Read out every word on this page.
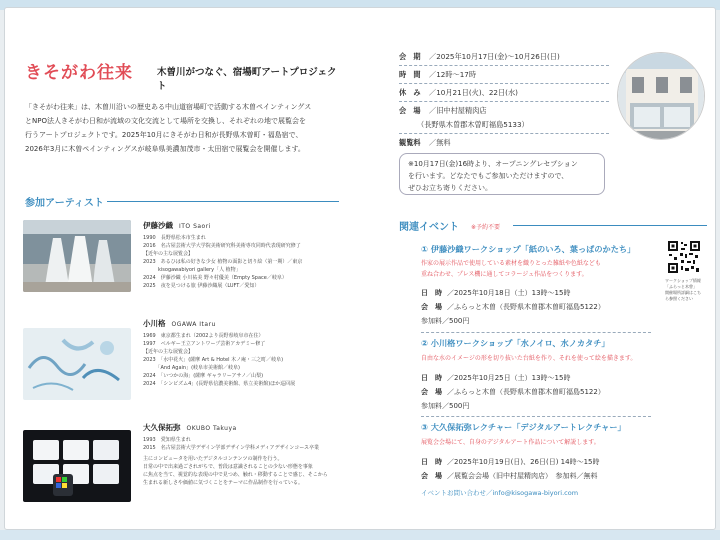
きそがわ往来	木曽川がつなぐ、宿場町アートプロジェクト
「きそがわ往来」は、木曽川沿いの歴史ある中山道宿場町で活動する木曽ペインティングス
とNPO法人きそがわ日和が流域の文化交流として場所を交換し、それぞれの地で展覧会を
行うアートプロジェクトです。2025年10月にきそがわ日和が長野県木曽町・福島宿で、
2026年3月に木曽ペインティングスが岐阜県美濃加茂市・太田宿で展覧会を開催します。
参加アーティスト
伊藤沙織 ITO Saori
1990　長野県松本市生まれ
2016　名古屋芸術大学大学院美術研究科美術専攻同時代表現研究修了
【近年の主な展覧会】
2023　あるひは私の好きな少女 植物の面影と切り絵（第一期）／東京
　　　kisogawabiyori gallery「人 植物」
2024　伊藤沙織 小川祐美 野々村優美（Empty Space／岐阜）
2025　夜を見つける旅 伊藤沙織展（LUFT／愛知）
小川格 OGAWA Itaru
1969　東京都生まれ（2002より長野県岐阜市在住）
1997　ベルギー王立アントワープ芸術アカデミー修了
【近年の主な展覧会】
2023　「水中花火」(薩摩 Art & Hotel 木ノ庵・三之町／岐阜)
　　　「And Again」(岐阜市美術館／岐阜)
2024　「いつかの海」(薩摩 ギャラリーアサノ／山梨)
2024　「シンビズム4」(長野県信濃美術館、県立美術館)ほか巡回展
大久保拓弥 OKUBO Takuya
1993　愛知県生まれ
2015　名古屋芸術大学デザイン学部デザイン学科メディアデザインコース卒業
主にコンピュータを用いたデジタルコンテンツの制作を行う。
日常の中で出来過ごされがちで、普段は意識されることの少ない形態を事象
に焦点を当て、視覚的な表現の中で見つめ、触れ・移動することで感じ、そこから
生まれる新しさや価値に気づくことをテーマに作品制作を行っている。
会　期 ／2025年10月17日(金)〜10月26日(日)
時　間 ／12時〜17時
休　み ／10月21日(火)、22日(水)
会　場 ／旧中村屋精肉店
（長野県木曽郡木曽町福島5133）
観覧料 ／無料
※10月17日(金)16時より、オープニングレセプション
を行います。どなたでもご参加いただけますので、
ぜひお立ち寄りください。
関連イベント ※予約不要
ワークショップ情報
「ふらっと木曽」
開催場所詳細はこち
ら参照ください
① 伊藤沙織ワークショップ「紙のいろ、葉っぱのかたち」
作家の展示作品で使用している素材を織りとった雑紙や色紙なども
重ね合わせ、プレス機に通してコラージュ作品をつくります。
日　時 ／2025年10月18日（土）13時〜15時
会　場 ／ふらっと木曽（長野県木曽郡木曽町福島5122）
参加料／500円
② 小川格ワークショップ「水ノイロ、水ノカタチ」
自由な水のイメージの形を切り抜いた台紙を作り、それを使って絵を描きます。
日　時 ／2025年10月25日（土）13時〜15時
会　場 ／ふらっと木曽（長野県木曽郡木曽町福島5122）
参加料／500円
③ 大久保拓弥レクチャー「デジタルアートレクチャー」
展覧会会場にて、自身のデジタルアート作品について解説します。
日　時 ／2025年10月19日(日)、26日(日) 14時〜15時
会　場 ／展覧会会場（旧中村屋精肉店）　参加料／無料
イベントお問い合わせ／info@kisogawa-biyori.com
